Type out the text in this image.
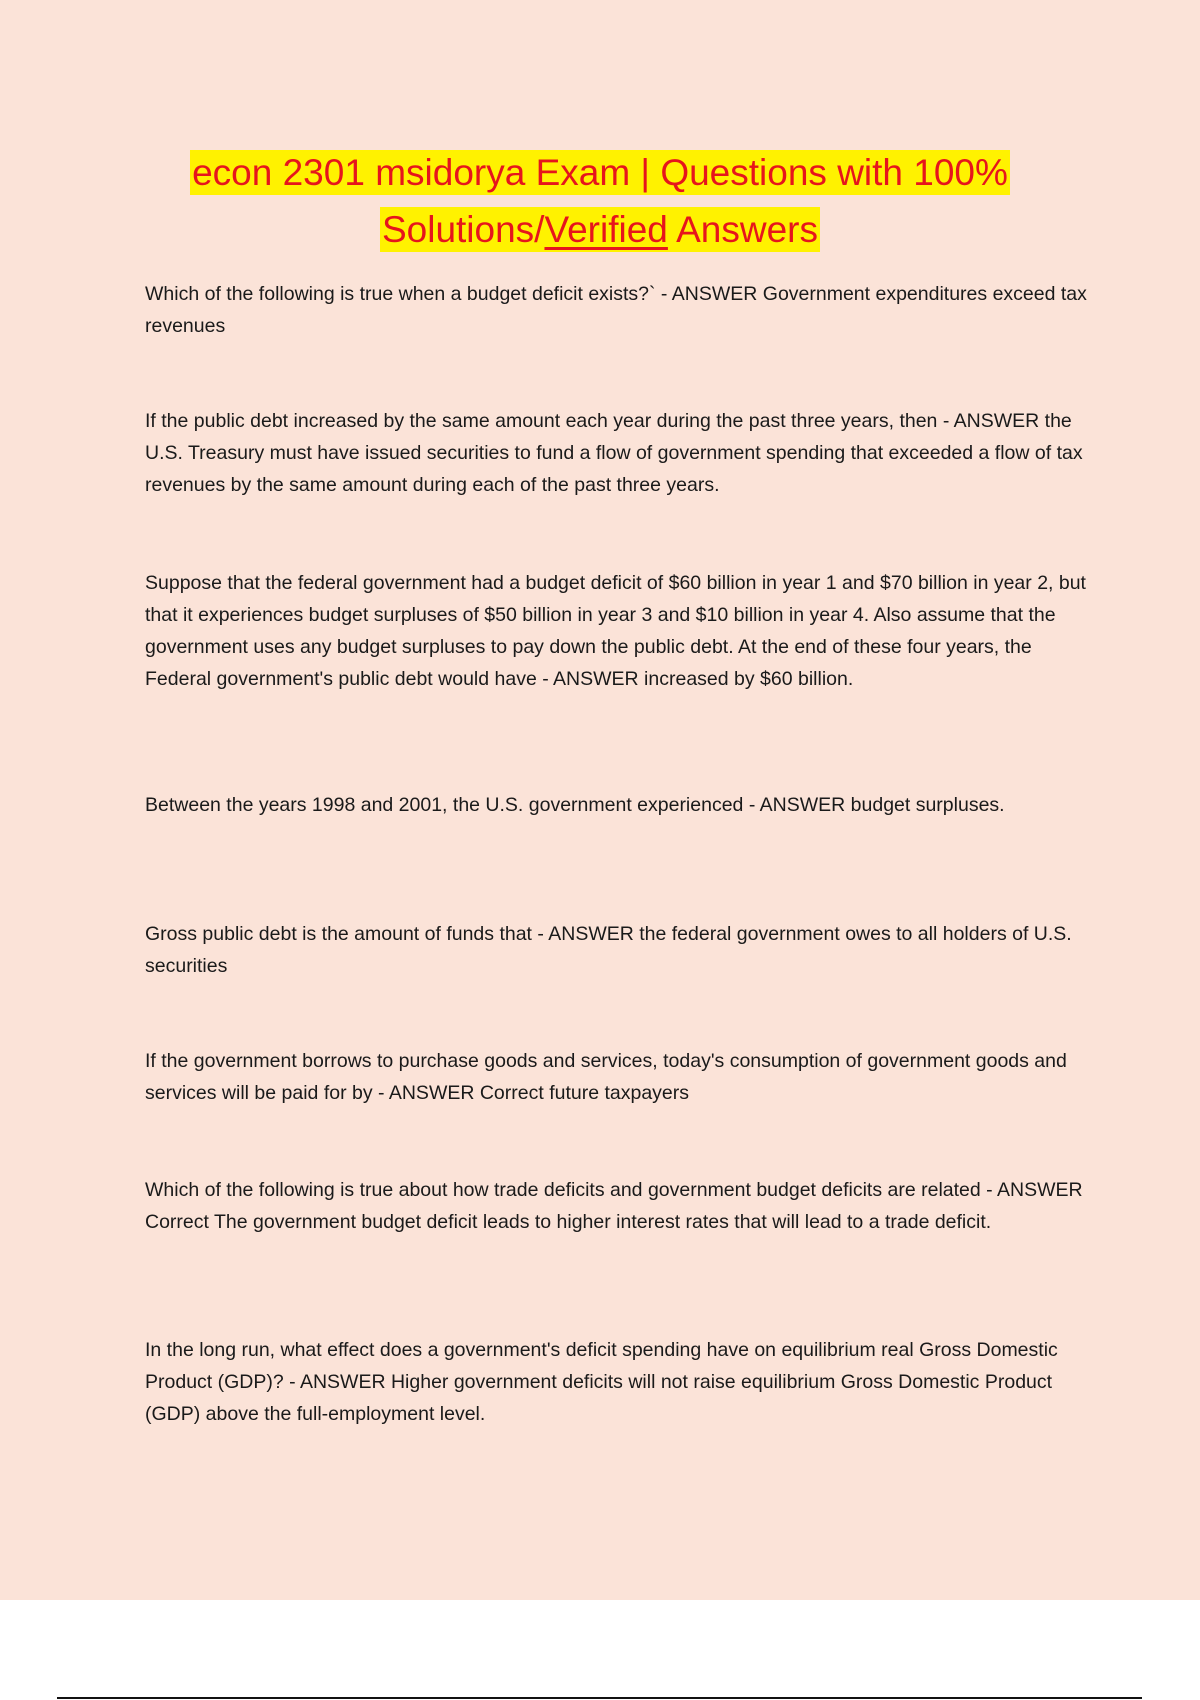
econ 2301 msidorya Exam | Questions with 100%
Solutions/Verified Answers

Which of the following is true when a budget deficit exists?` - ANSWER Government expenditures exceed tax revenues

If the public debt increased by the same amount each year during the past three years, then - ANSWER the U.S. Treasury must have issued securities to fund a flow of government spending that exceeded a flow of tax revenues by the same amount during each of the past three years.

Suppose that the federal government had a budget deficit of $60 billion in year 1 and $70 billion in year 2, but that it experiences budget surpluses of $50 billion in year 3 and $10 billion in year 4. Also assume that the government uses any budget surpluses to pay down the public debt. At the end of these four years, the Federal government's public debt would have - ANSWER increased by $60 billion.

Between the years 1998 and 2001, the U.S. government experienced - ANSWER budget surpluses.

Gross public debt is the amount of funds that - ANSWER the federal government owes to all holders of U.S. securities

If the government borrows to purchase goods and services, today's consumption of government goods and services will be paid for by - ANSWER Correct future taxpayers

Which of the following is true about how trade deficits and government budget deficits are related - ANSWER Correct The government budget deficit leads to higher interest rates that will lead to a trade deficit.

In the long run, what effect does a government's deficit spending have on equilibrium real Gross Domestic Product (GDP)? - ANSWER Higher government deficits will not raise equilibrium Gross Domestic Product (GDP) above the full-employment level.
